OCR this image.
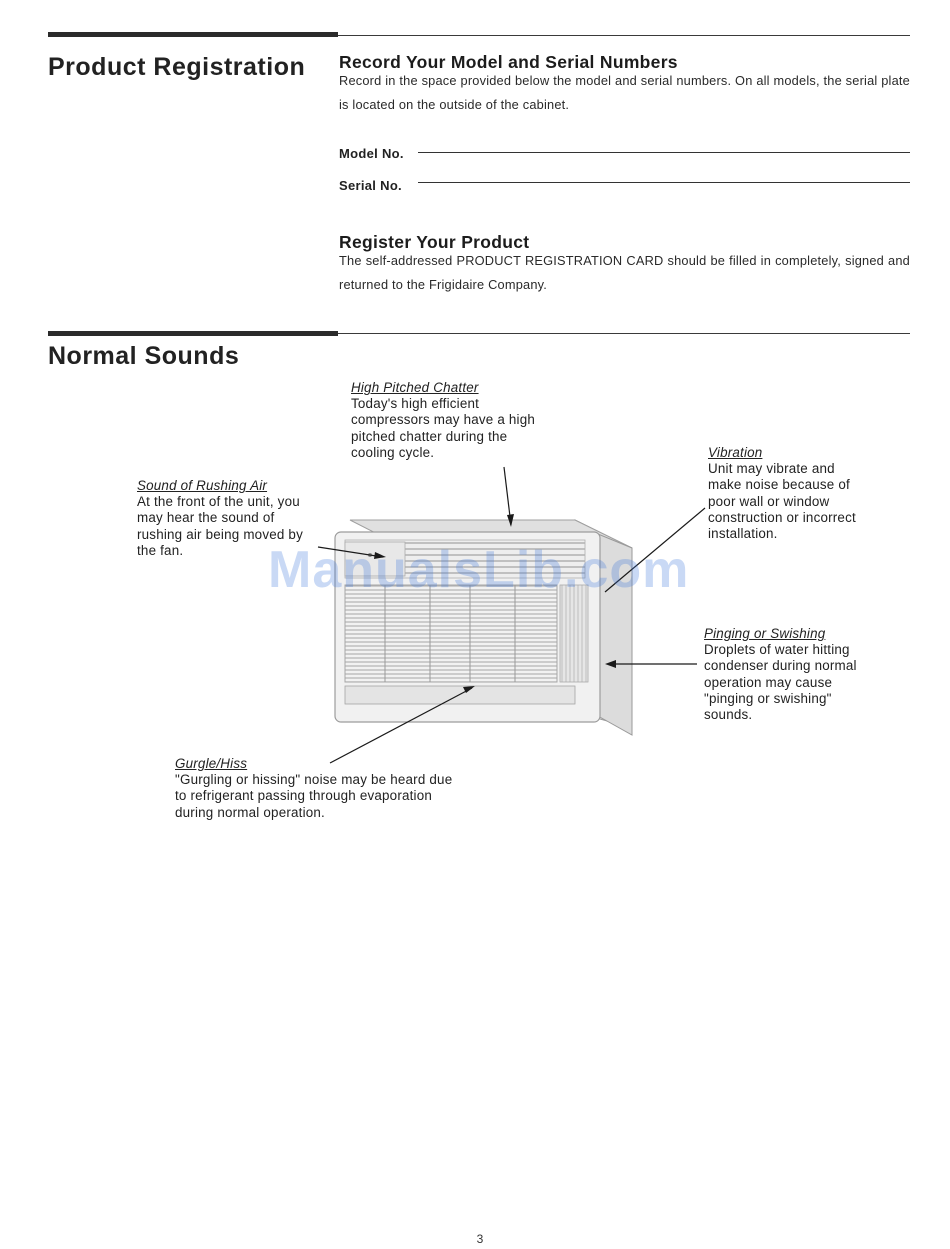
Product Registration Record Your Model and Serial Numbers

Record in the space provided below the model and serial numbers. On all models, the serial plate is located on the outside of the cabinet.

Model No.
Serial No.
Register Your Product

The self-addressed PRODUCT REGISTRATION CARD should be filled in completely, signed and returned to the Frigidaire Company.

Normal Sounds
High Pitched Chatter
Today's high efficient
compressors may have a high
pitched chatter during the
cooling cycle.	Vibration
Unit may vibrate and
make noise because of
poor wall or window
construction or incorrect
installation.
Sound of Rushing Air
At the front of the unit, you
may hear the sound of
rushing air being moved by
the fan.
Pinging or Swishing
Droplets of water hitting
condenser during normal
operation may cause
"pinging or swishing"
sounds.
Gurgle/Hiss
"Gurgling or hissing" noise may be heard due
to refrigerant passing through evaporation
during normal operation.
ManualsLib.com
3
